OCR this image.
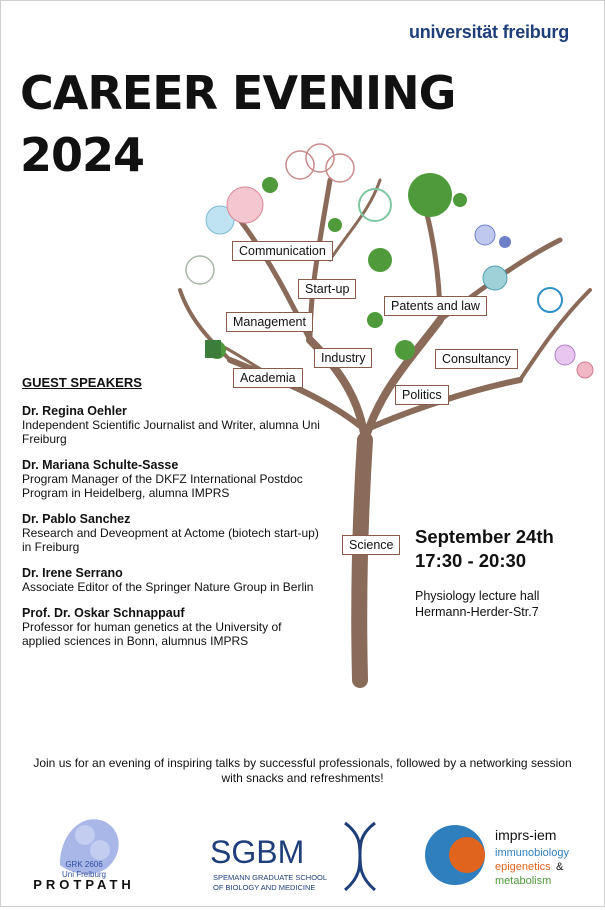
universität freiburg
CAREER EVENING
2024
Communication
Start-up
Patents and law
Management
Industry	Consultancy
Academia
Politics
Science
GUEST SPEAKERS
Dr. Regina Oehler
Independent Scientific Journalist and Writer, alumna Uni Freiburg
Dr. Mariana Schulte-Sasse
Program Manager of the DKFZ International Postdoc Program in Heidelberg, alumna IMPRS
Dr. Pablo Sanchez
Research and Deveopment at Actome (biotech start-up) in Freiburg
Dr. Irene Serrano
Associate Editor of the Springer Nature Group in Berlin
Prof. Dr. Oskar Schnappauf
Professor for human genetics at the University of applied sciences in Bonn, alumnus IMPRS
September 24th
17:30 - 20:30
Physiology lecture hall
Hermann-Herder-Str.7
Join us for an evening of inspiring talks by successful professionals, followed by a networking session with snacks and refreshments!
GRK 2606
Uni Freiburg
PROTPATH
SGBM
SPEMANN GRADUATE SCHOOL
OF BIOLOGY AND MEDICINE
imprs-iem
immunobiology
epigenetics &
metabolism
